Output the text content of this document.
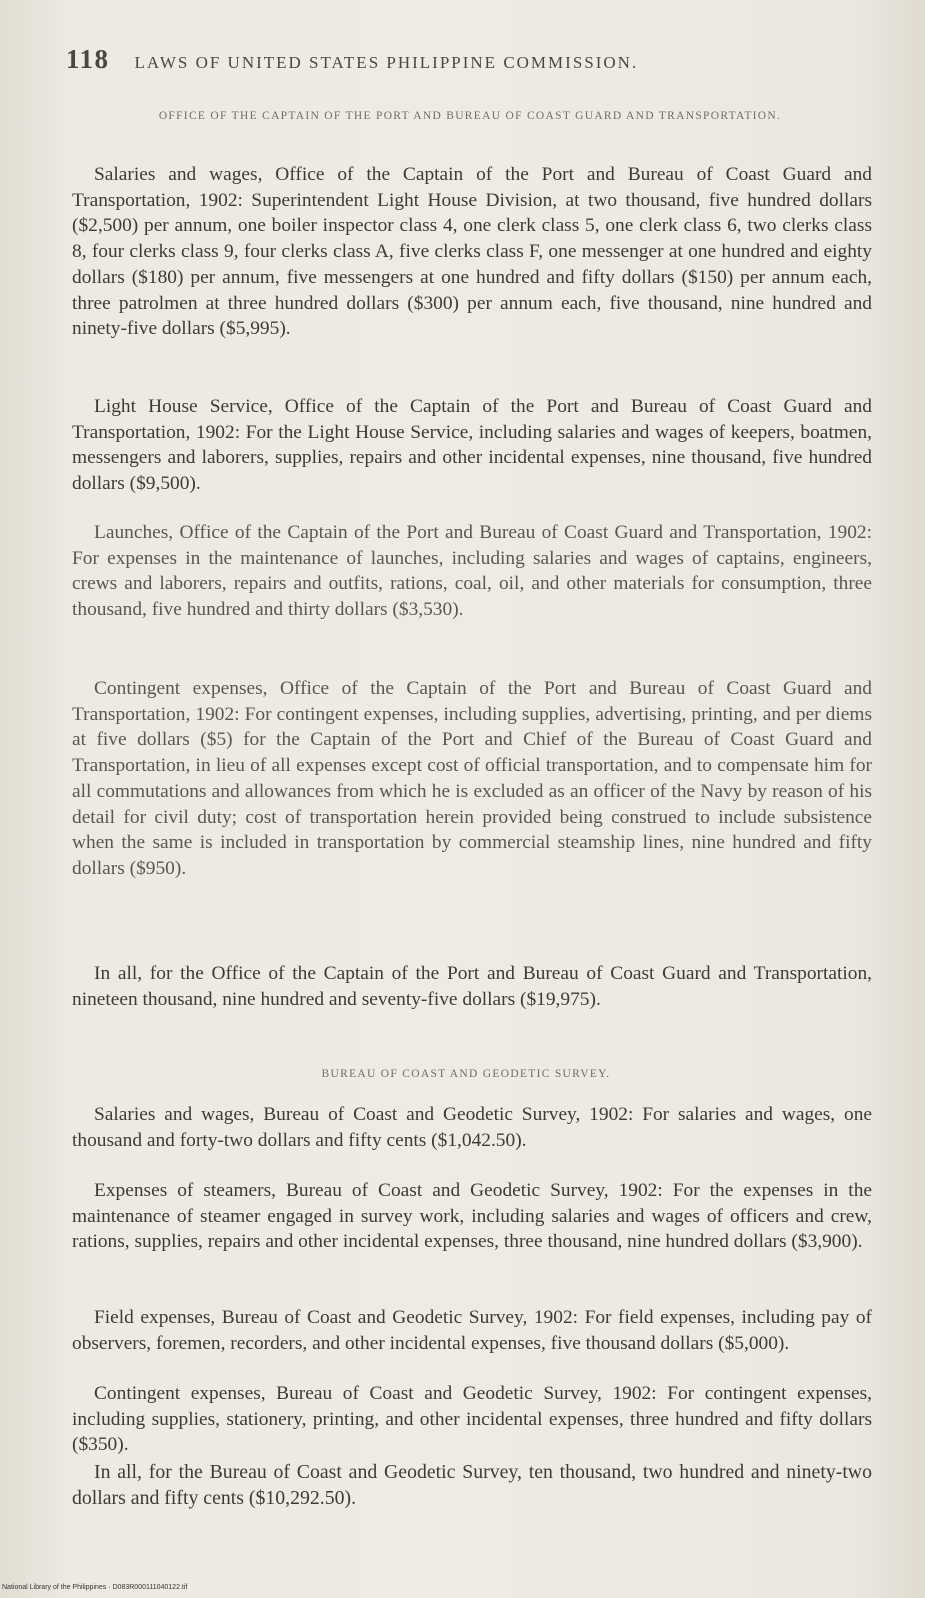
118 LAWS OF UNITED STATES PHILIPPINE COMMISSION.
OFFICE OF THE CAPTAIN OF THE PORT AND BUREAU OF COAST GUARD AND TRANSPORTATION.
Salaries and wages, Office of the Captain of the Port and Bureau of Coast Guard and Transportation, 1902: Superintendent Light House Division, at two thousand, five hundred dollars ($2,500) per annum, one boiler inspector class 4, one clerk class 5, one clerk class 6, two clerks class 8, four clerks class 9, four clerks class A, five clerks class F, one messenger at one hundred and eighty dollars ($180) per annum, five messengers at one hundred and fifty dollars ($150) per annum each, three patrolmen at three hundred dollars ($300) per annum each, five thousand, nine hundred and ninety-five dollars ($5,995).
Light House Service, Office of the Captain of the Port and Bureau of Coast Guard and Transportation, 1902: For the Light House Service, including salaries and wages of keepers, boatmen, messengers and laborers, supplies, repairs and other incidental expenses, nine thousand, five hundred dollars ($9,500).
Launches, Office of the Captain of the Port and Bureau of Coast Guard and Transportation, 1902: For expenses in the maintenance of launches, including salaries and wages of captains, engineers, crews and laborers, repairs and outfits, rations, coal, oil, and other materials for consumption, three thousand, five hundred and thirty dollars ($3,530).
Contingent expenses, Office of the Captain of the Port and Bureau of Coast Guard and Transportation, 1902: For contingent expenses, including supplies, advertising, printing, and per diems at five dollars ($5) for the Captain of the Port and Chief of the Bureau of Coast Guard and Transportation, in lieu of all expenses except cost of official transportation, and to compensate him for all commutations and allowances from which he is excluded as an officer of the Navy by reason of his detail for civil duty; cost of transportation herein provided being construed to include subsistence when the same is included in transportation by commercial steamship lines, nine hundred and fifty dollars ($950).
In all, for the Office of the Captain of the Port and Bureau of Coast Guard and Transportation, nineteen thousand, nine hundred and seventy-five dollars ($19,975).
BUREAU OF COAST AND GEODETIC SURVEY.
Salaries and wages, Bureau of Coast and Geodetic Survey, 1902: For salaries and wages, one thousand and forty-two dollars and fifty cents ($1,042.50).
Expenses of steamers, Bureau of Coast and Geodetic Survey, 1902: For the expenses in the maintenance of steamer engaged in survey work, including salaries and wages of officers and crew, rations, supplies, repairs and other incidental expenses, three thousand, nine hundred dollars ($3,900).
Field expenses, Bureau of Coast and Geodetic Survey, 1902: For field expenses, including pay of observers, foremen, recorders, and other incidental expenses, five thousand dollars ($5,000).
Contingent expenses, Bureau of Coast and Geodetic Survey, 1902: For contingent expenses, including supplies, stationery, printing, and other incidental expenses, three hundred and fifty dollars ($350).
In all, for the Bureau of Coast and Geodetic Survey, ten thousand, two hundred and ninety-two dollars and fifty cents ($10,292.50).
National Library of the Philippines · D083R000111040122.tif
